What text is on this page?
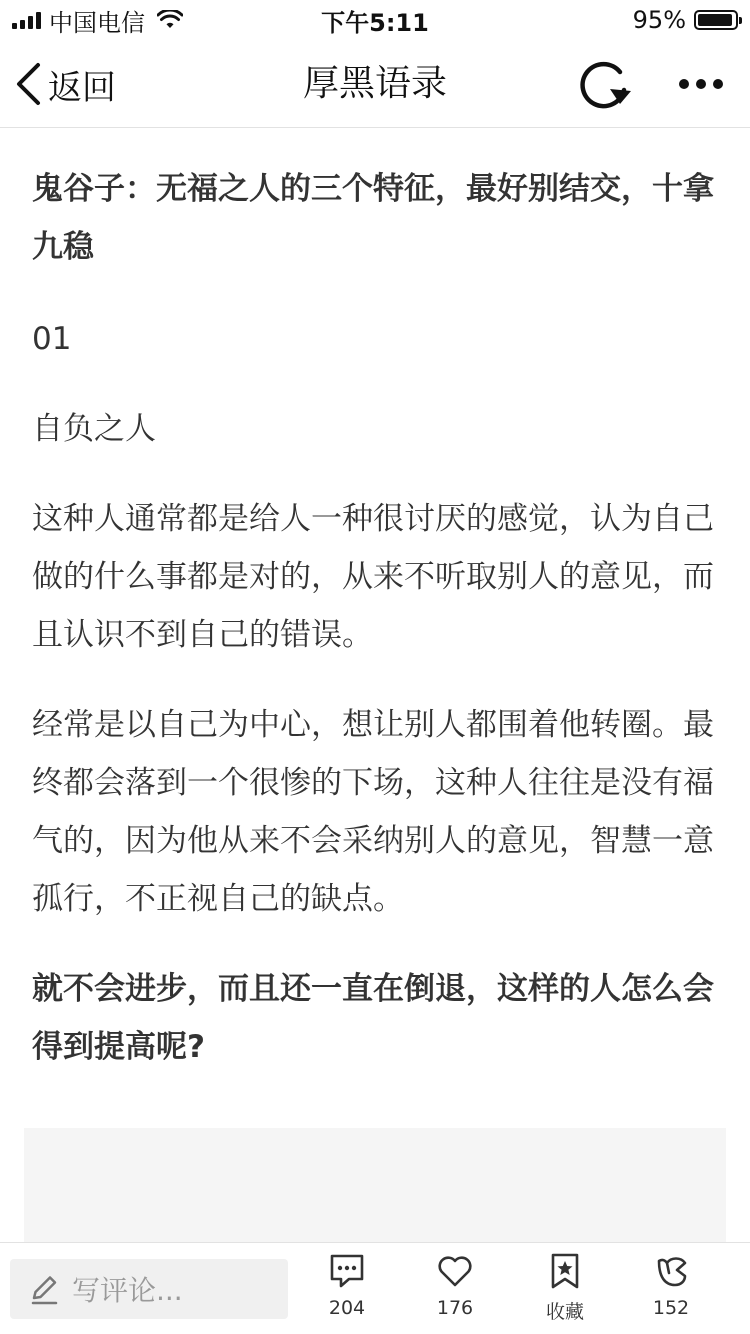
中国电信	下午5:11	95%
返回	厚黑语录

鬼谷子：无福之人的三个特征，最好别结交，十拿九稳

01

自负之人

这种人通常都是给人一种很讨厌的感觉，认为自己做的什么事都是对的，从来不听取别人的意见，而且认识不到自己的错误。

经常是以自己为中心，想让别人都围着他转圈。最终都会落到一个很惨的下场，这种人往往是没有福气的，因为他从来不会采纳别人的意见，智慧一意孤行，不正视自己的缺点。

就不会进步，而且还一直在倒退，这样的人怎么会得到提高呢?

写评论...
204	176	收藏	152
